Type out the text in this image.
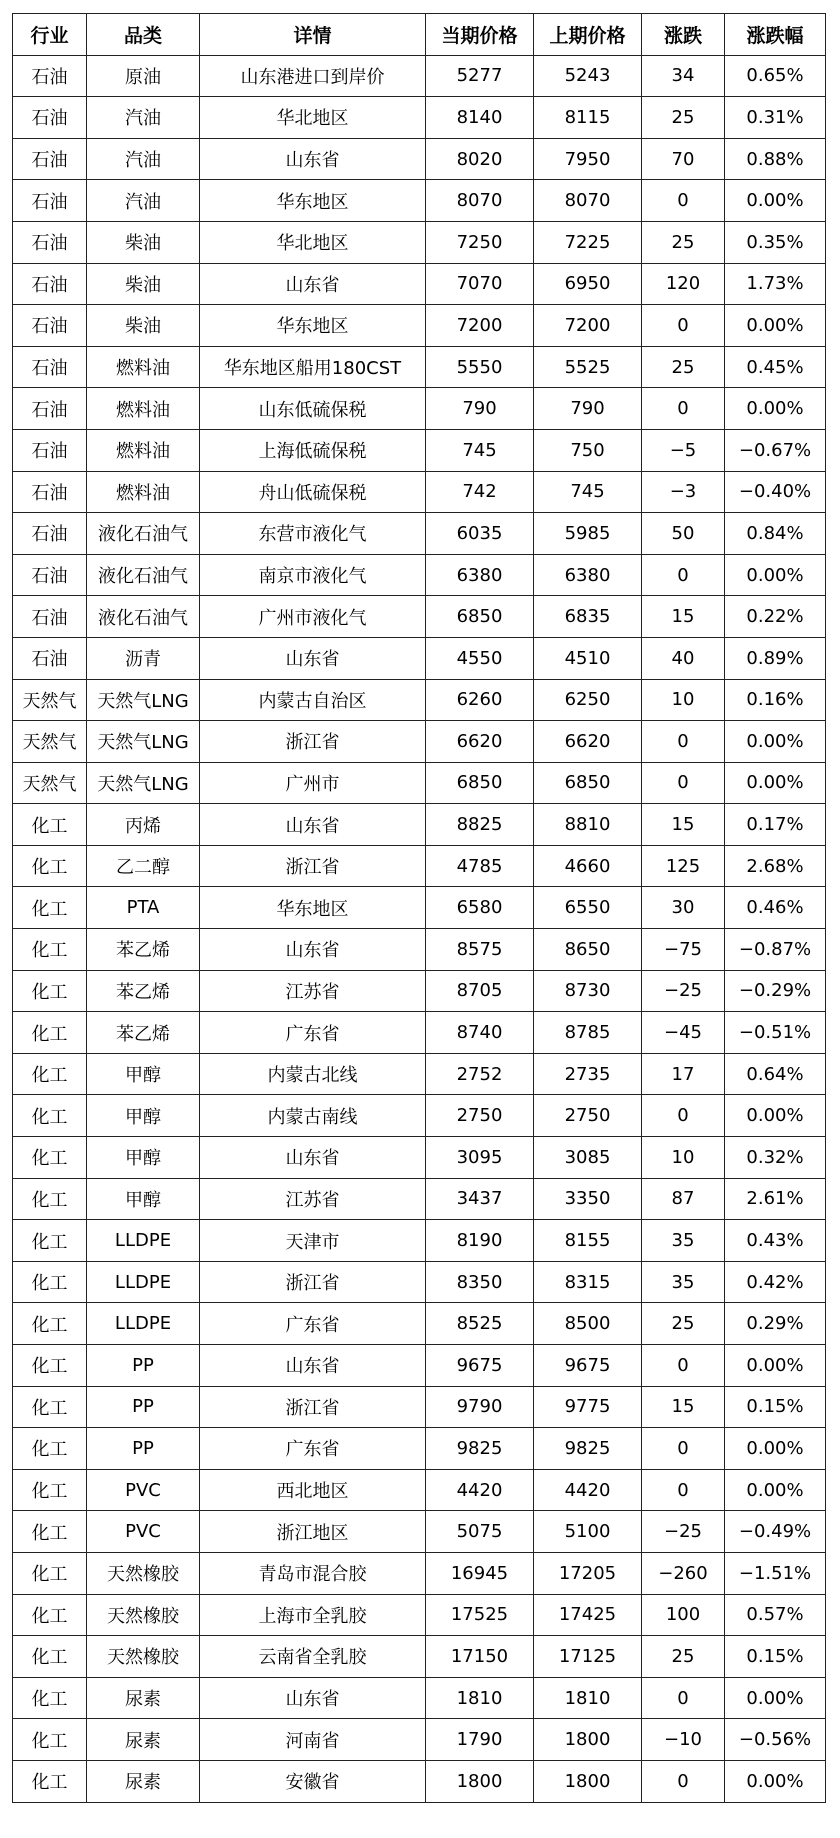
行业	品类	详情	当期价格	上期价格	涨跌	涨跌幅
石油	原油	山东港进口到岸价	5277	5243	34	0.65%
石油	汽油	华北地区	8140	8115	25	0.31%
石油	汽油	山东省	8020	7950	70	0.88%
石油	汽油	华东地区	8070	8070	0	0.00%
石油	柴油	华北地区	7250	7225	25	0.35%
石油	柴油	山东省	7070	6950	120	1.73%
石油	柴油	华东地区	7200	7200	0	0.00%
石油	燃料油	华东地区船用180CST	5550	5525	25	0.45%
石油	燃料油	山东低硫保税	790	790	0	0.00%
石油	燃料油	上海低硫保税	745	750	−5	−0.67%
石油	燃料油	舟山低硫保税	742	745	−3	−0.40%
石油	液化石油气	东营市液化气	6035	5985	50	0.84%
石油	液化石油气	南京市液化气	6380	6380	0	0.00%
石油	液化石油气	广州市液化气	6850	6835	15	0.22%
石油	沥青	山东省	4550	4510	40	0.89%
天然气	天然气LNG	内蒙古自治区	6260	6250	10	0.16%
天然气	天然气LNG	浙江省	6620	6620	0	0.00%
天然气	天然气LNG	广州市	6850	6850	0	0.00%
化工	丙烯	山东省	8825	8810	15	0.17%
化工	乙二醇	浙江省	4785	4660	125	2.68%
化工	PTA	华东地区	6580	6550	30	0.46%
化工	苯乙烯	山东省	8575	8650	−75	−0.87%
化工	苯乙烯	江苏省	8705	8730	−25	−0.29%
化工	苯乙烯	广东省	8740	8785	−45	−0.51%
化工	甲醇	内蒙古北线	2752	2735	17	0.64%
化工	甲醇	内蒙古南线	2750	2750	0	0.00%
化工	甲醇	山东省	3095	3085	10	0.32%
化工	甲醇	江苏省	3437	3350	87	2.61%
化工	LLDPE	天津市	8190	8155	35	0.43%
化工	LLDPE	浙江省	8350	8315	35	0.42%
化工	LLDPE	广东省	8525	8500	25	0.29%
化工	PP	山东省	9675	9675	0	0.00%
化工	PP	浙江省	9790	9775	15	0.15%
化工	PP	广东省	9825	9825	0	0.00%
化工	PVC	西北地区	4420	4420	0	0.00%
化工	PVC	浙江地区	5075	5100	−25	−0.49%
化工	天然橡胶	青岛市混合胶	16945	17205	−260	−1.51%
化工	天然橡胶	上海市全乳胶	17525	17425	100	0.57%
化工	天然橡胶	云南省全乳胶	17150	17125	25	0.15%
化工	尿素	山东省	1810	1810	0	0.00%
化工	尿素	河南省	1790	1800	−10	−0.56%
化工	尿素	安徽省	1800	1800	0	0.00%
